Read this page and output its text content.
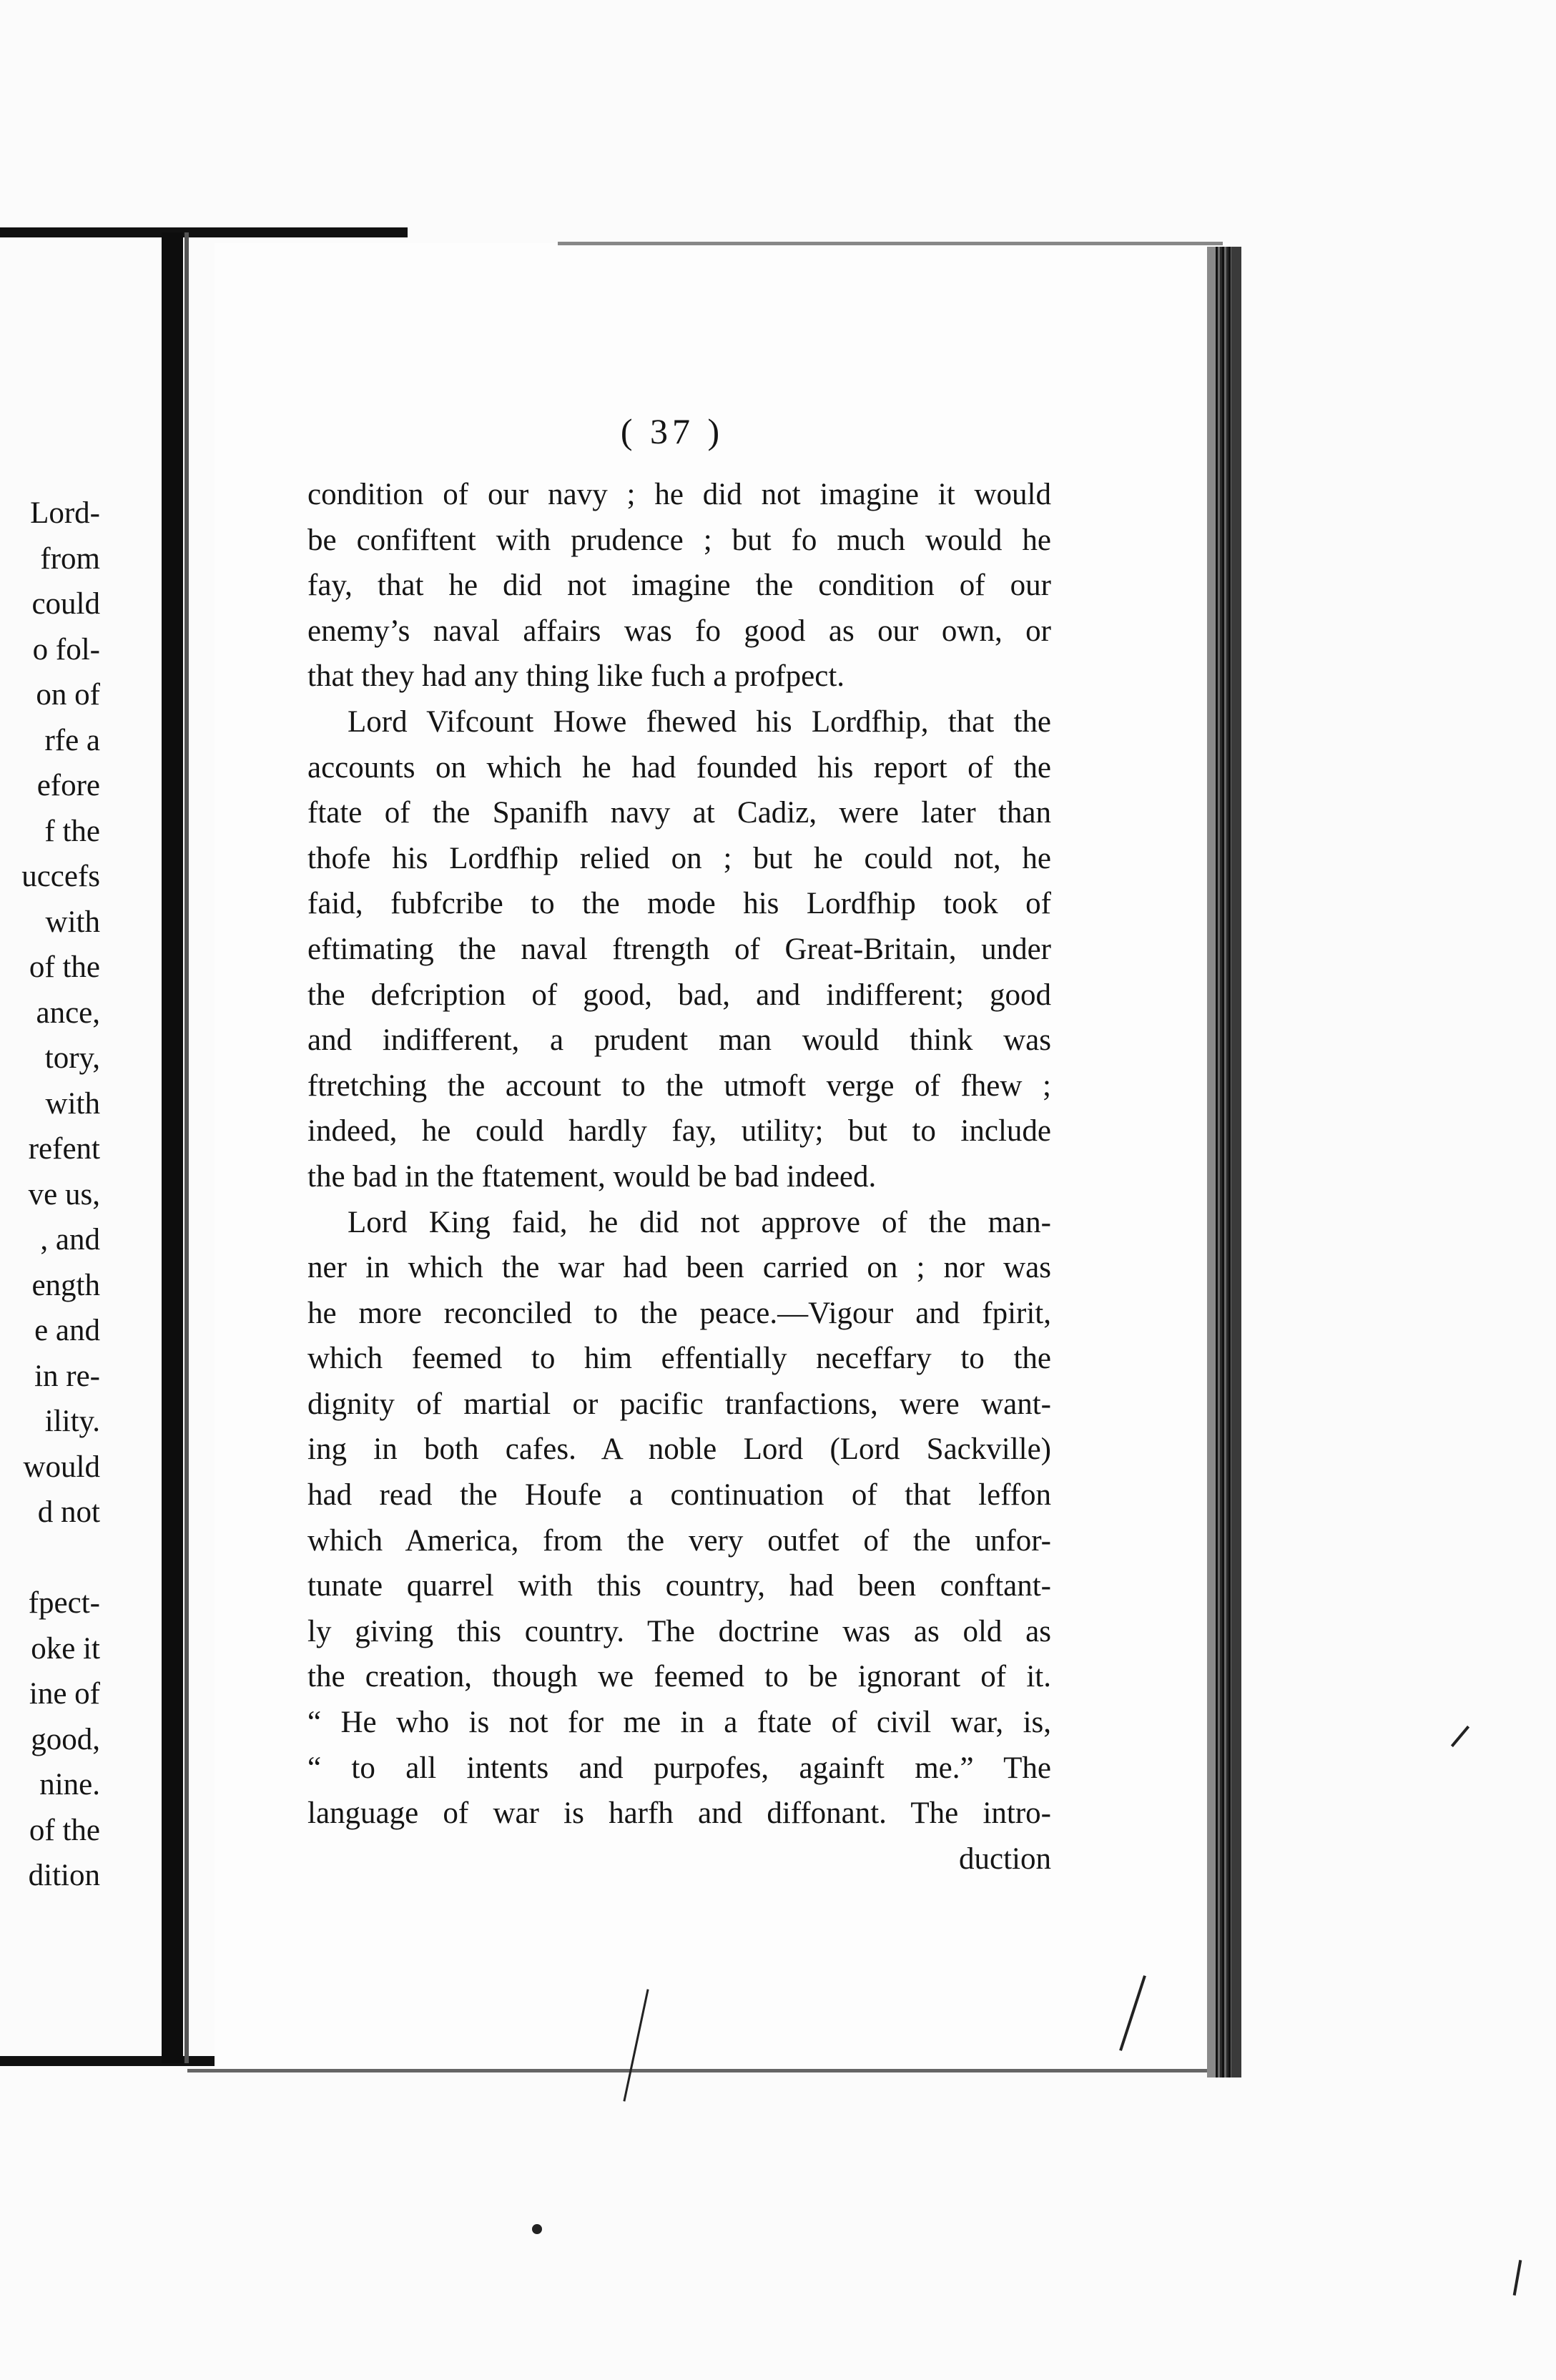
Lord-
from
could
o fol-
on of
rfe a
efore
f the
uccefs
with
of the
ance,
tory,
with
refent
ve us,
, and
ength
e and
in re-
ility.
would
d not
fpect-
oke it
ine of
good,
nine.
of the
dition
( 37 )
condition of our navy ; he did not imagine it would
be confiftent with prudence ; but fo much would he
fay, that he did not imagine the condition of our
enemy’s naval affairs was fo good as our own, or
that they had any thing like fuch a profpect.
Lord Vifcount Howe fhewed his Lordfhip, that the
accounts on which he had founded his report of the
ftate of the Spanifh navy at Cadiz, were later than
thofe his Lordfhip relied on ; but he could not, he
faid, fubfcribe to the mode his Lordfhip took of
eftimating the naval ftrength of Great-Britain, under
the defcription of good, bad, and indifferent; good
and indifferent, a prudent man would think was
ftretching the account to the utmoft verge of fhew ;
indeed, he could hardly fay, utility; but to include
the bad in the ftatement, would be bad indeed.
Lord King faid, he did not approve of the man-
ner in which the war had been carried on ; nor was
he more reconciled to the peace.—Vigour and fpirit,
which feemed to him effentially neceffary to the
dignity of martial or pacific tranfactions, were want-
ing in both cafes. A noble Lord (Lord Sackville)
had read the Houfe a continuation of that leffon
which America, from the very outfet of the unfor-
tunate quarrel with this country, had been conftant-
ly giving this country. The doctrine was as old as
the creation, though we feemed to be ignorant of it.
“ He who is not for me in a ftate of civil war, is,
“ to all intents and purpofes, againft me.” The
language of war is harfh and diffonant. The intro-
duction
